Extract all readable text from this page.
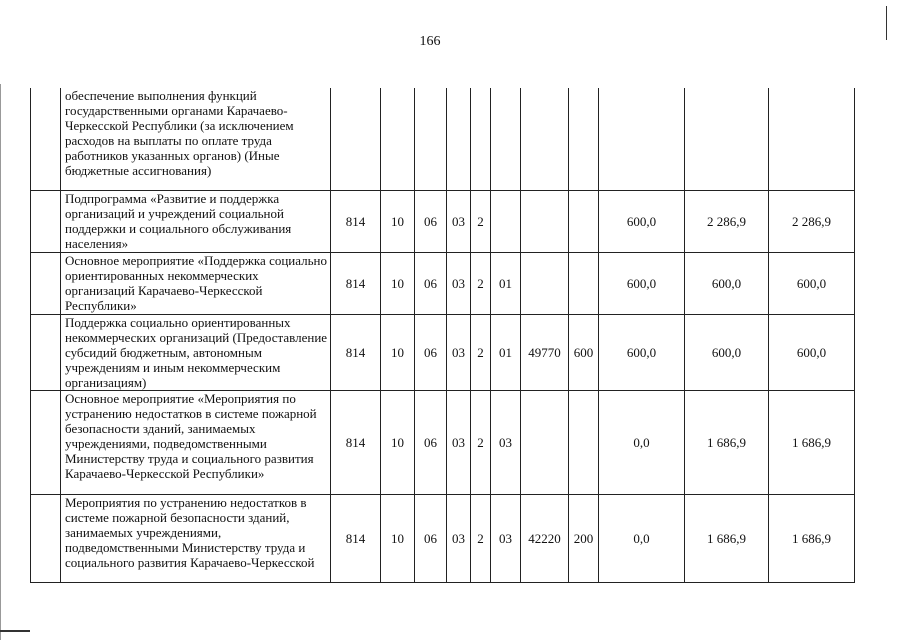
166
	обеспечение выполнения функций государственными органами Карачаево-Черкесской Республики (за исключением расходов на выплаты по оплате труда работников указанных органов) (Иные бюджетные ассигнования)											
	Подпрограмма «Развитие и поддержка организаций и учреждений социальной поддержки и социального обслуживания населения»	814	10	06	03	2				600,0	2 286,9	2 286,9
	Основное мероприятие «Поддержка социально ориентированных некоммерческих организаций Карачаево-Черкесской Республики»	814	10	06	03	2	01			600,0	600,0	600,0
	Поддержка социально ориентированных некоммерческих организаций (Предоставление субсидий бюджетным, автономным учреждениям и иным некоммерческим организациям)	814	10	06	03	2	01	49770	600	600,0	600,0	600,0
	Основное мероприятие «Мероприятия по устранению недостатков в системе пожарной безопасности зданий, занимаемых учреждениями, подведомственными Министерству труда и социального развития Карачаево-Черкесской Республики»	814	10	06	03	2	03			0,0	1 686,9	1 686,9
	Мероприятия по устранению недостатков в системе пожарной безопасности зданий, занимаемых учреждениями, подведомственными Министерству труда и социального развития Карачаево-Черкесской	814	10	06	03	2	03	42220	200	0,0	1 686,9	1 686,9
